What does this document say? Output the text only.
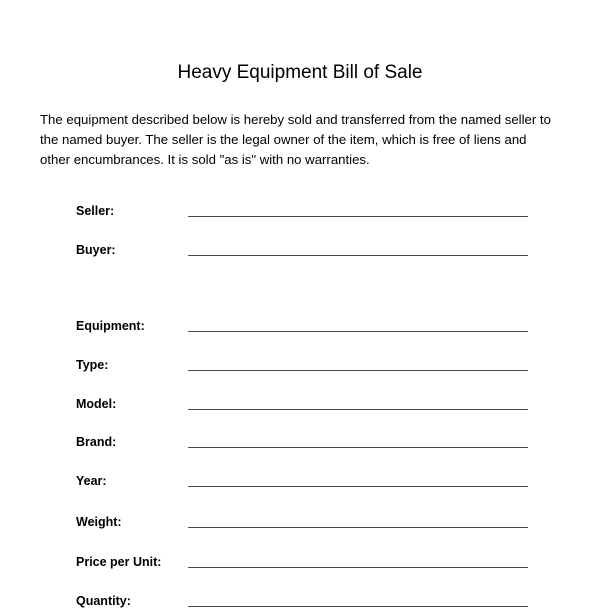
Heavy Equipment Bill of Sale

The equipment described below is hereby sold and transferred from the named seller to
the named buyer. The seller is the legal owner of the item, which is free of liens and
other encumbrances. It is sold "as is" with no warranties.

Seller:
Buyer:
Equipment:
Type:
Model:
Brand:
Year:
Weight:
Price per Unit:
Quantity:
